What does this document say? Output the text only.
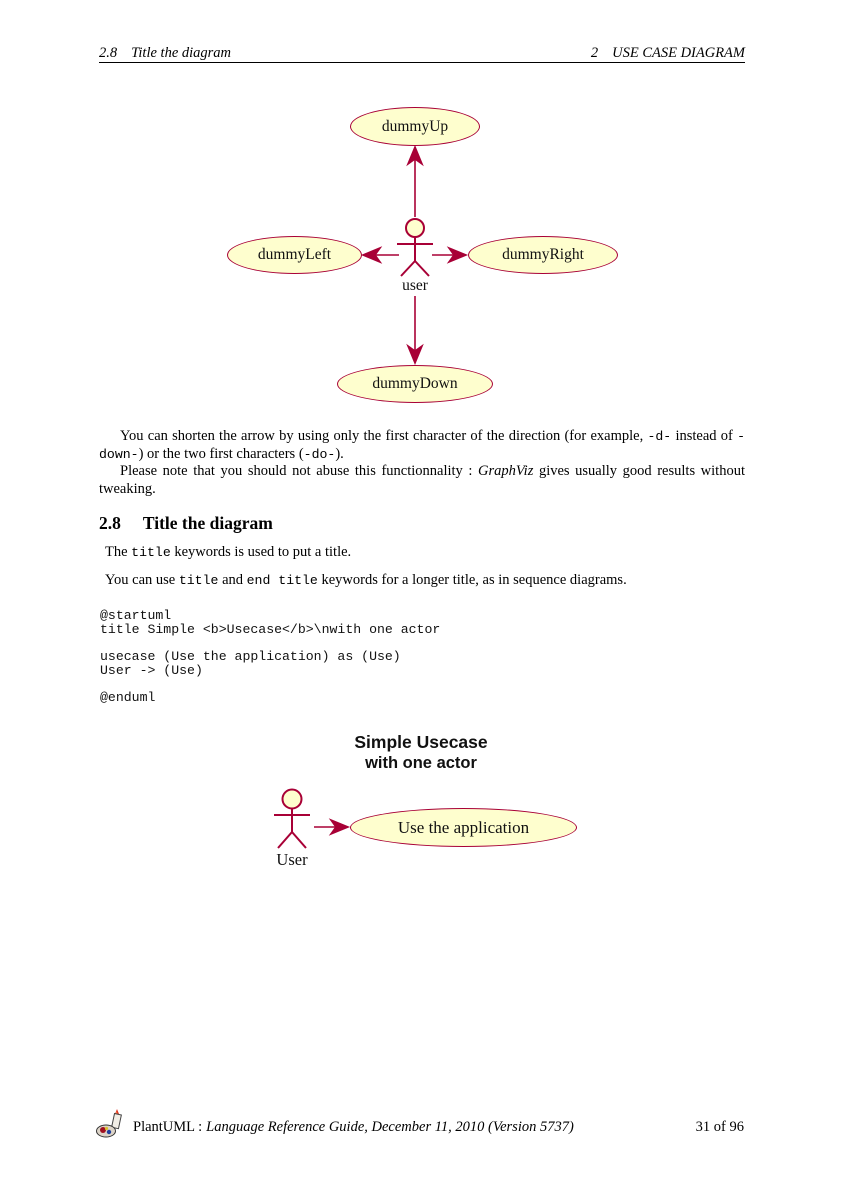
2.8 Title the diagram	2 USE CASE DIAGRAM
dummyUp
dummyLeft	dummyRight
dummyDown
user

You can shorten the arrow by using only the first character of the direction (for example, -d- instead of -down-) or the two first characters (-do-).

Please note that you should not abuse this functionnality : GraphViz gives usually good results without tweaking.

2.8 Title the diagram

The title keywords is used to put a title.

You can use title and end title keywords for a longer title, as in sequence diagrams.

@startuml
title Simple <b>Usecase</b>\nwith one actor
usecase (Use the application) as (Use)
User -> (Use)
@enduml
Simple Usecase
with one actor
Use the application
User
PlantUML : Language Reference Guide, December 11, 2010 (Version 5737)	31 of 96
